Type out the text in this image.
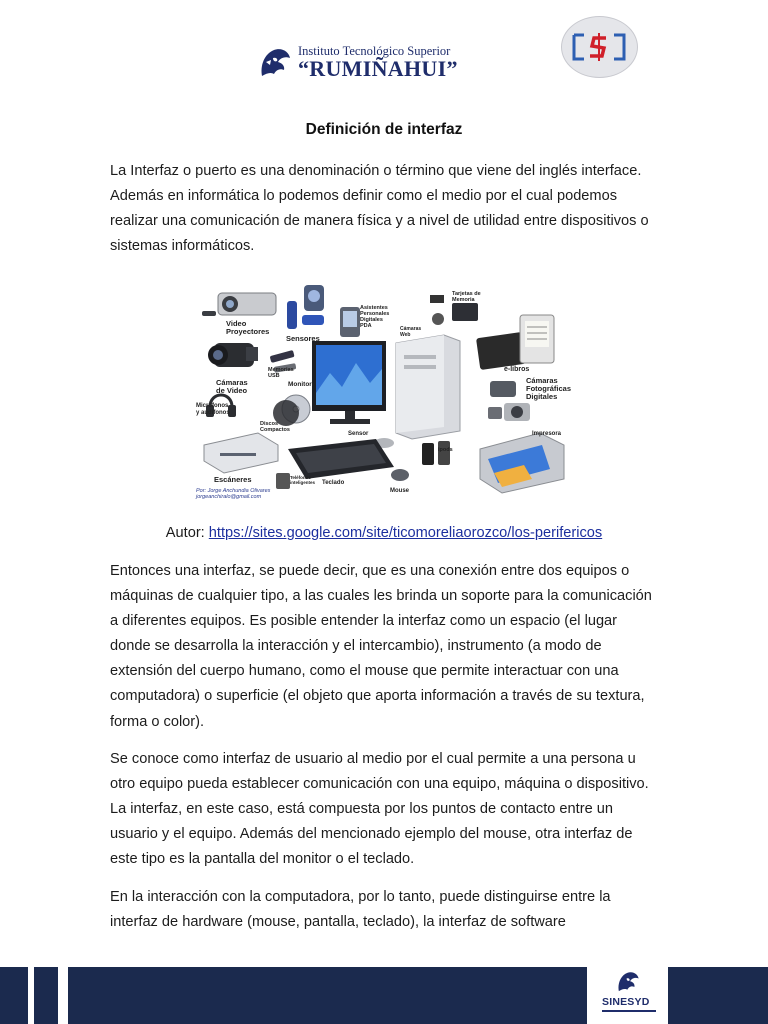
Instituto Tecnológico Superior
“RUMIÑAHUI”
Definición de interfaz

La Interfaz o puerto es una denominación o término que viene del inglés interface. Además en informática lo podemos definir como el medio por el cual podemos realizar una comunicación de manera física y a nivel de utilidad entre dispositivos o sistemas informáticos.

Video
Proyectores
Sensores
Asistentes
Personales
Digitales
PDA
Tarjetas de
Memoria
Cámaras
Web
Memorias
USB
Monitor
Cámaras
de Video
Micrófonos
y audífonos
Discos
Compactos
Sensor
e-libros
Cámaras
Fotográficas
Digitales
Impresora
ipods
Teléfonos
inteligentes
Escáneres	Teclado
Mouse
Por: Jorge Anchundia Olivares
jorgeanchiralo@gmail.com
Autor: https://sites.google.com/site/ticomoreliaorozco/los-perifericos

Entonces una interfaz, se puede decir, que es una conexión entre dos equipos o máquinas de cualquier tipo, a las cuales les brinda un soporte para la comunicación a diferentes equipos. Es posible entender la interfaz como un espacio (el lugar donde se desarrolla la interacción y el intercambio), instrumento (a modo de extensión del cuerpo humano, como el mouse que permite interactuar con una computadora) o superficie (el objeto que aporta información a través de su textura, forma o color).

Se conoce como interfaz de usuario al medio por el cual permite a una persona u otro equipo pueda establecer comunicación con una equipo, máquina o dispositivo. La interfaz, en este caso, está compuesta por los puntos de contacto entre un usuario y el equipo. Además del mencionado ejemplo del mouse, otra interfaz de este tipo es la pantalla del monitor o el teclado.

En la interacción con la computadora, por lo tanto, puede distinguirse entre la interfaz de hardware (mouse, pantalla, teclado), la interfaz de software

SINESYD
